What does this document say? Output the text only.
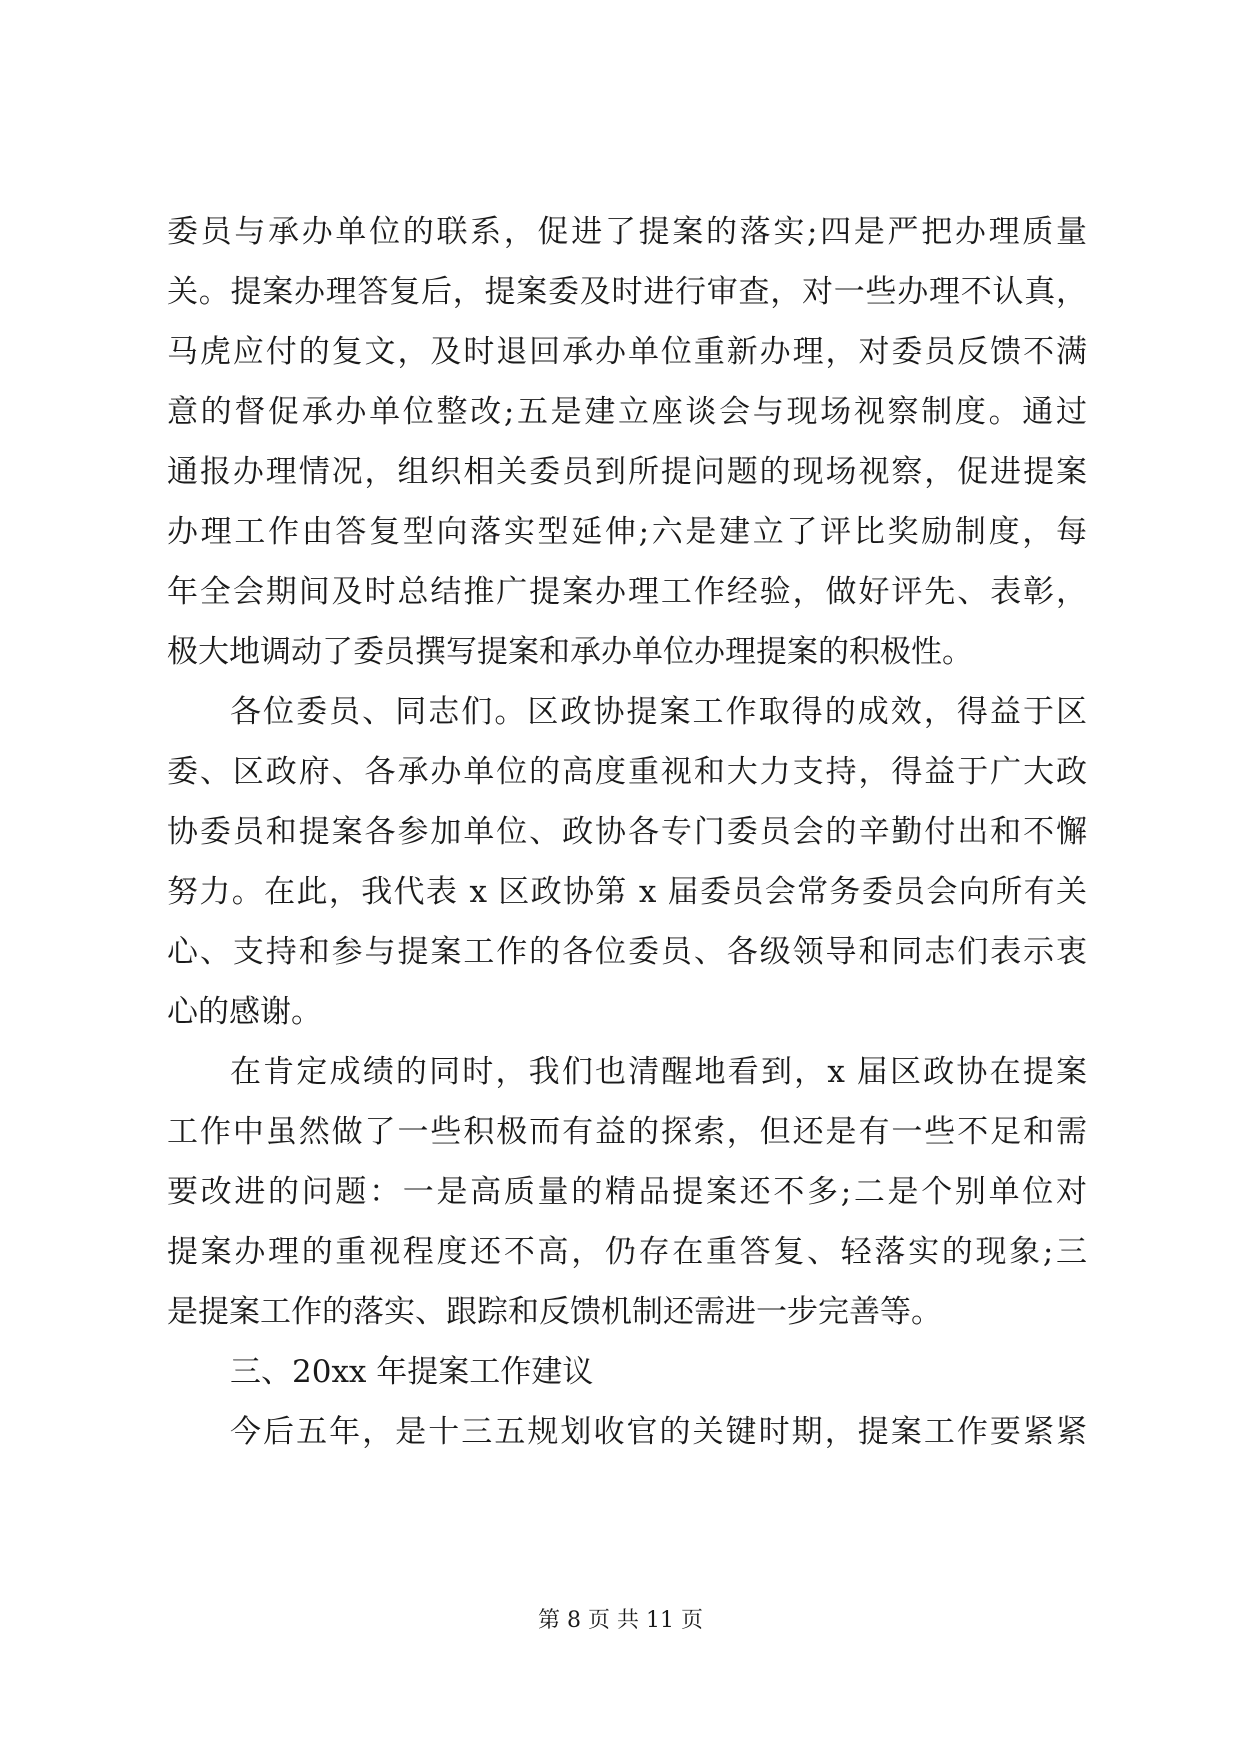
委员与承办单位的联系，促进了提案的落实;四是严把办理质量
关。提案办理答复后，提案委及时进行审查，对一些办理不认真，
马虎应付的复文，及时退回承办单位重新办理，对委员反馈不满
意的督促承办单位整改;五是建立座谈会与现场视察制度。通过
通报办理情况，组织相关委员到所提问题的现场视察，促进提案
办理工作由答复型向落实型延伸;六是建立了评比奖励制度，每
年全会期间及时总结推广提案办理工作经验，做好评先、表彰，
极大地调动了委员撰写提案和承办单位办理提案的积极性。
各位委员、同志们。区政协提案工作取得的成效，得益于区
委、区政府、各承办单位的高度重视和大力支持，得益于广大政
协委员和提案各参加单位、政协各专门委员会的辛勤付出和不懈
努力。在此，我代表 x 区政协第 x 届委员会常务委员会向所有关
心、支持和参与提案工作的各位委员、各级领导和同志们表示衷
心的感谢。
在肯定成绩的同时，我们也清醒地看到，x 届区政协在提案
工作中虽然做了一些积极而有益的探索，但还是有一些不足和需
要改进的问题：一是高质量的精品提案还不多;二是个别单位对
提案办理的重视程度还不高，仍存在重答复、轻落实的现象;三
是提案工作的落实、跟踪和反馈机制还需进一步完善等。
三、20xx 年提案工作建议
今后五年，是十三五规划收官的关键时期，提案工作要紧紧
第 8 页 共 11 页
